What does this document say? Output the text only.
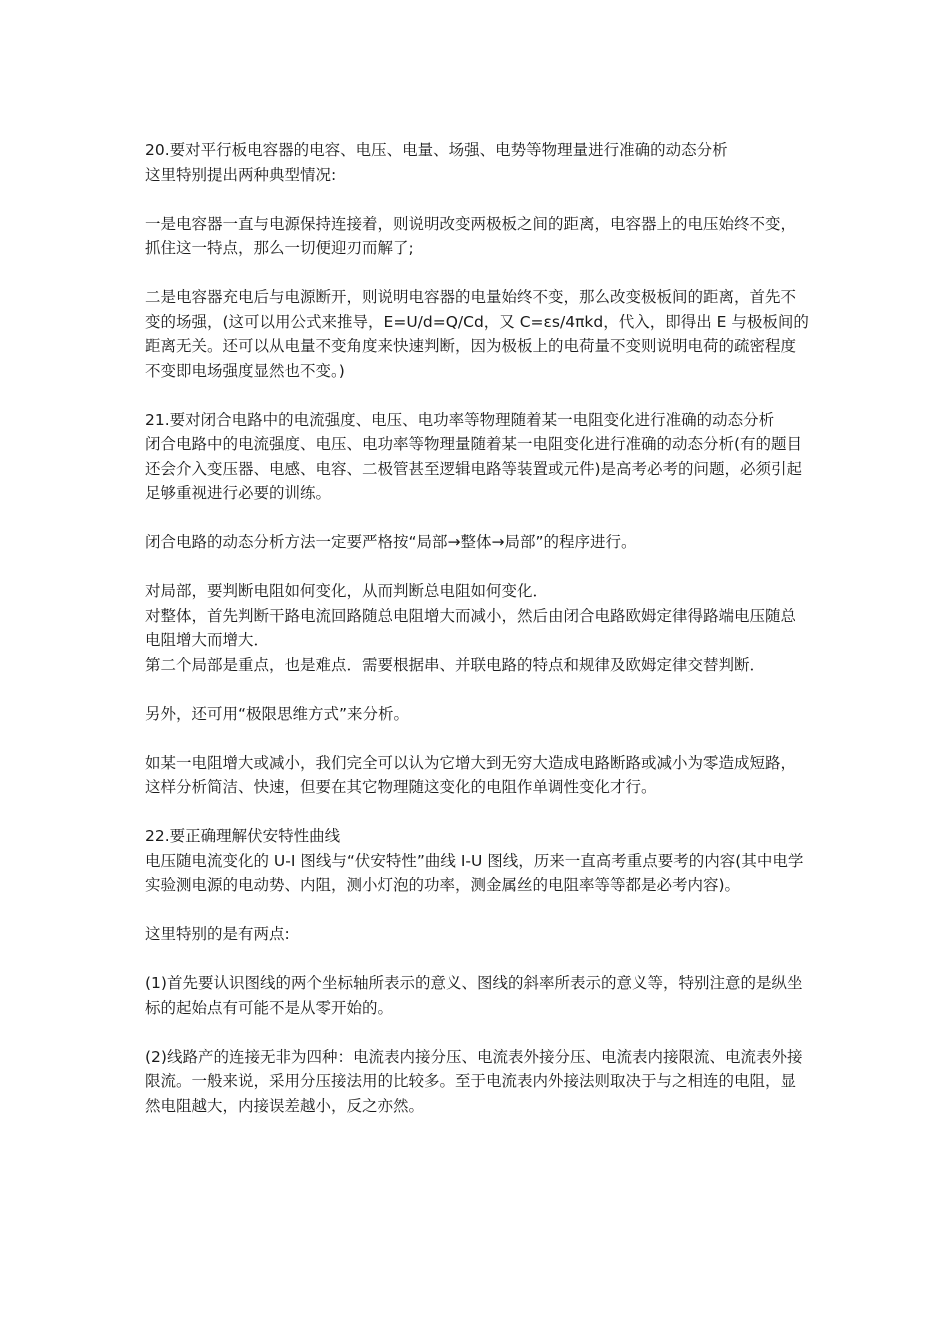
20.要对平行板电容器的电容、电压、电量、场强、电势等物理量进行准确的动态分析

这里特别提出两种典型情况:

一是电容器一直与电源保持连接着，则说明改变两极板之间的距离，电容器上的电压始终不变，抓住这一特点，那么一切便迎刃而解了;

二是电容器充电后与电源断开，则说明电容器的电量始终不变，那么改变极板间的距离，首先不变的场强，(这可以用公式来推导，E=U/d=Q/Cd，又 C=εs/4πkd，代入，即得出 E 与极板间的距离无关。还可以从电量不变角度来快速判断，因为极板上的电荷量不变则说明电荷的疏密程度不变即电场强度显然也不变。)

21.要对闭合电路中的电流强度、电压、电功率等物理随着某一电阻变化进行准确的动态分析

闭合电路中的电流强度、电压、电功率等物理量随着某一电阻变化进行准确的动态分析(有的题目还会介入变压器、电感、电容、二极管甚至逻辑电路等装置或元件)是高考必考的问题，必须引起足够重视进行必要的训练。

闭合电路的动态分析方法一定要严格按“局部→整体→局部”的程序进行。

对局部，要判断电阻如何变化，从而判断总电阻如何变化．

对整体，首先判断干路电流回路随总电阻增大而减小，然后由闭合电路欧姆定律得路端电压随总电阻增大而增大．

第二个局部是重点，也是难点．需要根据串、并联电路的特点和规律及欧姆定律交替判断．

另外，还可用“极限思维方式”来分析。

如某一电阻增大或减小，我们完全可以认为它增大到无穷大造成电路断路或减小为零造成短路，这样分析简洁、快速，但要在其它物理随这变化的电阻作单调性变化才行。

22.要正确理解伏安特性曲线

电压随电流变化的 U-I 图线与“伏安特性”曲线 I-U 图线，历来一直高考重点要考的内容(其中电学实验测电源的电动势、内阻，测小灯泡的功率，测金属丝的电阻率等等都是必考内容)。

这里特别的是有两点:

(1)首先要认识图线的两个坐标轴所表示的意义、图线的斜率所表示的意义等，特别注意的是纵坐标的起始点有可能不是从零开始的。

(2)线路产的连接无非为四种：电流表内接分压、电流表外接分压、电流表内接限流、电流表外接限流。一般来说，采用分压接法用的比较多。至于电流表内外接法则取决于与之相连的电阻，显然电阻越大，内接误差越小，反之亦然。
